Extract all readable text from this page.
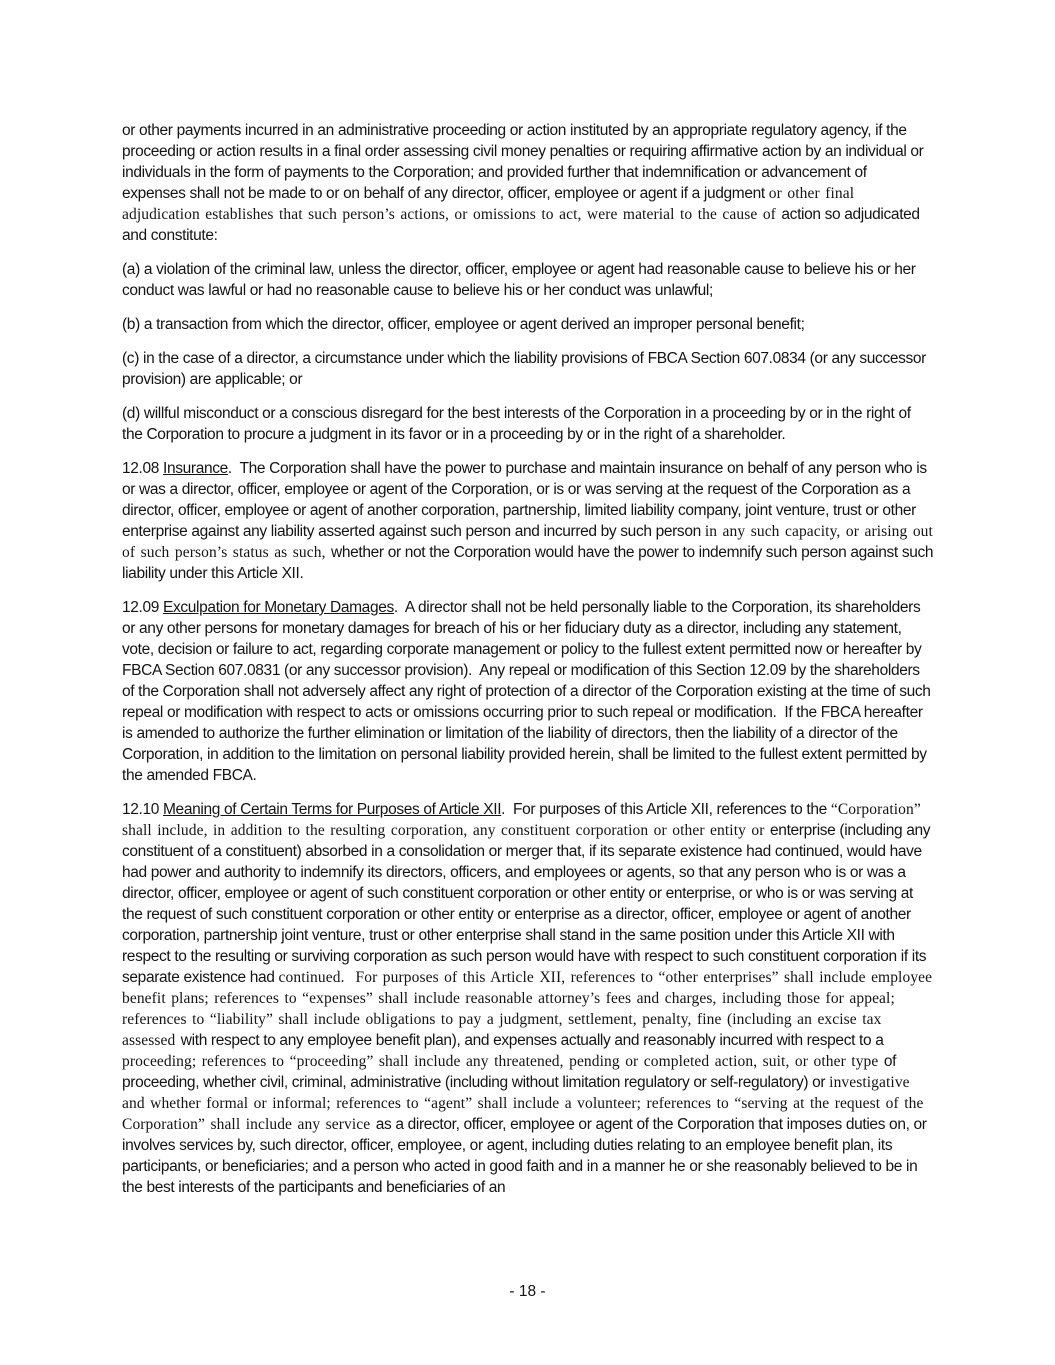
or other payments incurred in an administrative proceeding or action instituted by an appropriate regulatory agency, if the proceeding or action results in a final order assessing civil money penalties or requiring affirmative action by an individual or individuals in the form of payments to the Corporation; and provided further that indemnification or advancement of expenses shall not be made to or on behalf of any director, officer, employee or agent if a judgment or other final adjudication establishes that such person’s actions, or omissions to act, were material to the cause of action so adjudicated and constitute:
(a) a violation of the criminal law, unless the director, officer, employee or agent had reasonable cause to believe his or her conduct was lawful or had no reasonable cause to believe his or her conduct was unlawful;
(b) a transaction from which the director, officer, employee or agent derived an improper personal benefit;
(c) in the case of a director, a circumstance under which the liability provisions of FBCA Section 607.0834 (or any successor provision) are applicable; or
(d) willful misconduct or a conscious disregard for the best interests of the Corporation in a proceeding by or in the right of the Corporation to procure a judgment in its favor or in a proceeding by or in the right of a shareholder.
12.08 Insurance.  The Corporation shall have the power to purchase and maintain insurance on behalf of any person who is or was a director, officer, employee or agent of the Corporation, or is or was serving at the request of the Corporation as a director, officer, employee or agent of another corporation, partnership, limited liability company, joint venture, trust or other enterprise against any liability asserted against such person and incurred by such person in any such capacity, or arising out of such person’s status as such, whether or not the Corporation would have the power to indemnify such person against such liability under this Article XII.
12.09 Exculpation for Monetary Damages.  A director shall not be held personally liable to the Corporation, its shareholders or any other persons for monetary damages for breach of his or her fiduciary duty as a director, including any statement, vote, decision or failure to act, regarding corporate management or policy to the fullest extent permitted now or hereafter by FBCA Section 607.0831 (or any successor provision).  Any repeal or modification of this Section 12.09 by the shareholders of the Corporation shall not adversely affect any right of protection of a director of the Corporation existing at the time of such repeal or modification with respect to acts or omissions occurring prior to such repeal or modification.  If the FBCA hereafter is amended to authorize the further elimination or limitation of the liability of directors, then the liability of a director of the Corporation, in addition to the limitation on personal liability provided herein, shall be limited to the fullest extent permitted by the amended FBCA.
12.10 Meaning of Certain Terms for Purposes of Article XII.  For purposes of this Article XII, references to the “Corporation” shall include, in addition to the resulting corporation, any constituent corporation or other entity or enterprise (including any constituent of a constituent) absorbed in a consolidation or merger that, if its separate existence had continued, would have had power and authority to indemnify its directors, officers, and employees or agents, so that any person who is or was a director, officer, employee or agent of such constituent corporation or other entity or enterprise, or who is or was serving at the request of such constituent corporation or other entity or enterprise as a director, officer, employee or agent of another corporation, partnership joint venture, trust or other enterprise shall stand in the same position under this Article XII with respect to the resulting or surviving corporation as such person would have with respect to such constituent corporation if its separate existence had continued.  For purposes of this Article XII, references to “other enterprises” shall include employee benefit plans; references to “expenses” shall include reasonable attorney’s fees and charges, including those for appeal; references to “liability” shall include obligations to pay a judgment, settlement, penalty, fine (including an excise tax assessed with respect to any employee benefit plan), and expenses actually and reasonably incurred with respect to a proceeding; references to “proceeding” shall include any threatened, pending or completed action, suit, or other type of proceeding, whether civil, criminal, administrative (including without limitation regulatory or self-regulatory) or investigative and whether formal or informal; references to “agent” shall include a volunteer; references to “serving at the request of the Corporation” shall include any service as a director, officer, employee or agent of the Corporation that imposes duties on, or involves services by, such director, officer, employee, or agent, including duties relating to an employee benefit plan, its participants, or beneficiaries; and a person who acted in good faith and in a manner he or she reasonably believed to be in the best interests of the participants and beneficiaries of an
- 18 -
